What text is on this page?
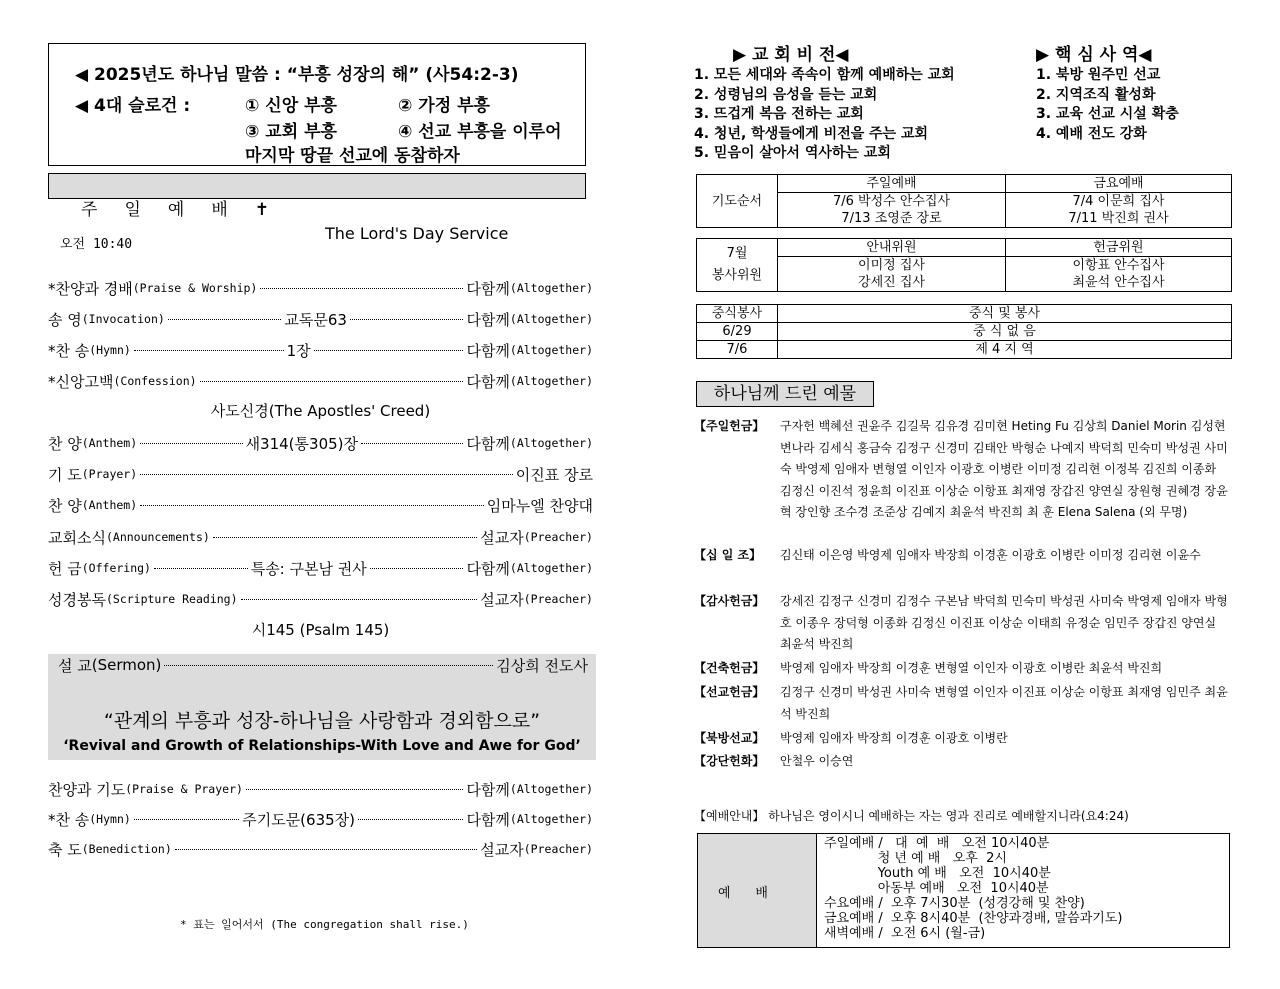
◀ 2025년도 하나님 말씀 : “부흥 성장의 해” (사54:2-3)
◀ 4대 슬로건 :	① 신앙 부흥	② 가정 부흥
③ 교회 부흥	④ 선교 부흥을 이루어
마지막 땅끝 선교에 동참하자

주     일     예     배     ✝

The Lord's Day Service

오전 10:40
*찬양과 경배 (Praise & Worship)	다함께 (Altogether)
송 영 (Invocation)	교독문63	다함께 (Altogether)
*찬 송 (Hymn)	1장	다함께 (Altogether)
*신앙고백 (Confession)	다함께 (Altogether)
찬 양 (Anthem)	새314(통305)장	다함께 (Altogether)
기 도 (Prayer)	이진표 장로
찬 양 (Anthem)	임마누엘 찬양대
교회소식 (Announcements)	설교자 (Preacher)
헌 금 (Offering)	특송: 구본남 권사	다함께 (Altogether)
성경봉독 (Scripture Reading)	설교자 (Preacher)
사도신경(The Apostles' Creed)
시145 (Psalm 145)
설 교 (Sermon)	김상희 전도사
“관계의 부흥과 성장-하나님을 사랑함과 경외함으로”
‘Revival and Growth of Relationships-With Love and Awe for God’
찬양과 기도 (Praise & Prayer)	다함께 (Altogether)
*찬 송 (Hymn)	주기도문(635장)	다함께 (Altogether)
축 도 (Benediction)	설교자 (Preacher)
* 표는 일어서서 (The congregation shall rise.)
▶ 교 회 비 전◀
1. 모든 세대와 족속이 함께 예배하는 교회
2. 성령님의 음성을 듣는 교회
3. 뜨겁게 복음 전하는 교회
4. 청년, 학생들에게 비전을 주는 교회
5. 믿음이 살아서 역사하는 교회
▶ 핵 심 사 역◀
1. 북방 원주민 선교
2. 지역조직 활성화
3. 교육 선교 시설 확충
4. 예배 전도 강화
기도순서	주일예배	금요예배
	7/6 박성수 안수집사	7/4 이문희 집사
	7/13 조영준 장로	7/11 박진희 권사
7월
봉사위원	안내위원	헌금위원
	이미정 집사	이항표 안수집사
	강세진 집사	최윤석 안수집사
중식봉사	중식 및 봉사
6/29	중 식 없 음
7/6	제 4 지 역
하나님께 드린 예물
【주일헌금】 구자헌 백혜선 권윤주 김길묵 김유경 김미현 Heting Fu 김상희 Daniel Morin 김성현 변나라 김세식 홍금숙 김정구 신경미 김태안 박형순 나예지 박덕희 민숙미 박성권 사미숙 박영제 임애자 변형열 이인자 이광호 이병란 이미정 김리현 이정복 김진희 이종화 김정신 이진석 정윤희 이진표 이상순 이항표 최재영 장갑진 양연실 장원형 권혜경 장윤혁 장인향 조수경 조준상 김예지 최윤석 박진희 최 훈 Elena Salena (외 무명)
【십 일 조】 김신태 이은영 박영제 임애자 박장희 이경훈 이광호 이병란 이미정 김리현 이윤수
【감사헌금】 강세진 김정구 신경미 김정수 구본남 박덕희 민숙미 박성권 사미숙 박영제 임애자 박형호 이종우 장덕형 이종화 김정신 이진표 이상순 이태희 유정순 임민주 장갑진 양연실 최윤석 박진희
【건축헌금】 박영제 임애자 박장희 이경훈 변형열 이인자 이광호 이병란 최윤석 박진희
【선교헌금】 김정구 신경미 박성권 사미숙 변형열 이인자 이진표 이상순 이항표 최재영 임민주 최윤석 박진희
【북방선교】 박영제 임애자 박장희 이경훈 이광호 이병란
【강단헌화】 안철우 이승연
【예배안내】 하나님은 영이시니 예배하는 자는 영과 진리로 예배할지니라(요4:24)
예      배
주일예배 /   대  예  배   오전 10시40분
청 년 예 배   오후  2시
Youth 예 배   오전  10시40분
아동부 예배   오전  10시40분
수요예배 /  오후 7시30분  (성경강해 및 찬양)
금요예배 /  오후 8시40분  (찬양과경배, 말씀과기도)
새벽예배 /  오전 6시 (월-금)
